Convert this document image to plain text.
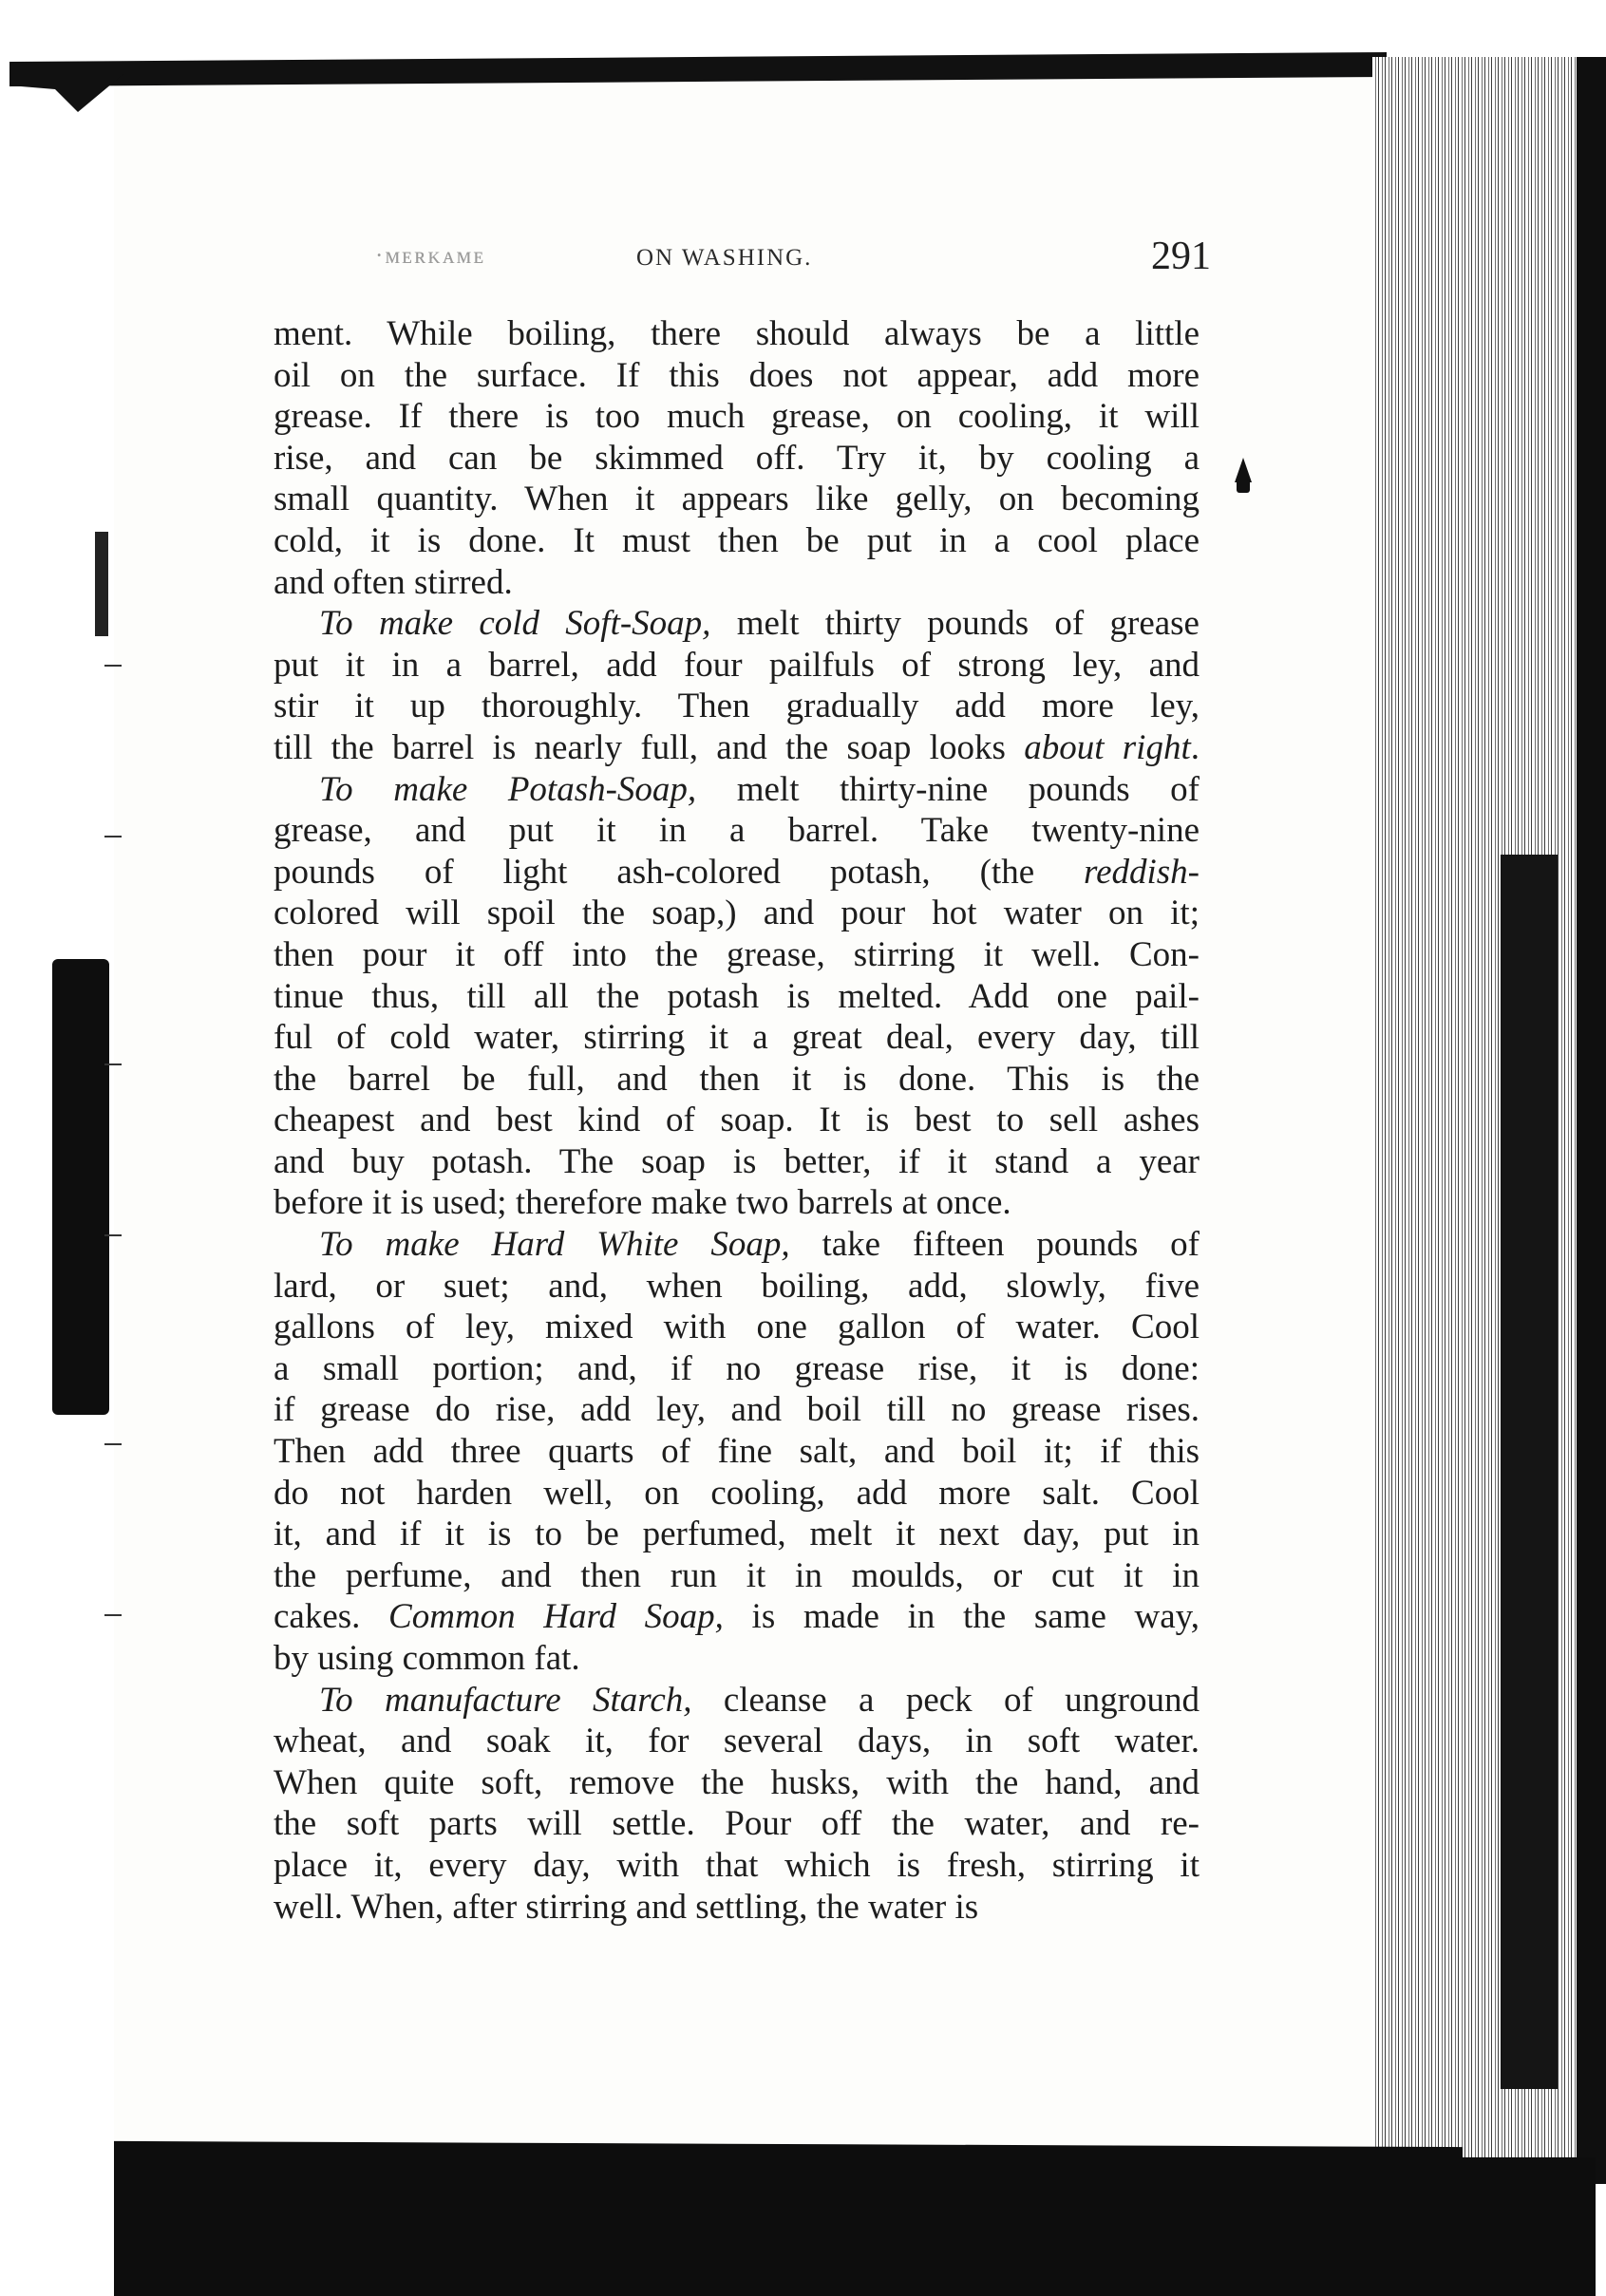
·ᴍᴇʀᴋᴀᴍᴇ	ON WASHING.	291
ment. While boiling, there should always be a little
oil on the surface. If this does not appear, add more
grease. If there is too much grease, on cooling, it will
rise, and can be skimmed off. Try it, by cooling a
small quantity. When it appears like gelly, on becoming
cold, it is done. It must then be put in a cool place
and often stirred.
To make cold Soft-Soap, melt thirty pounds of grease
put it in a barrel, add four pailfuls of strong ley, and
stir it up thoroughly. Then gradually add more ley,
till the barrel is nearly full, and the soap looks about right.
To make Potash-Soap, melt thirty-nine pounds of
grease, and put it in a barrel. Take twenty-nine
pounds of light ash-colored potash, (the reddish-
colored will spoil the soap,) and pour hot water on it;
then pour it off into the grease, stirring it well. Con-
tinue thus, till all the potash is melted. Add one pail-
ful of cold water, stirring it a great deal, every day, till
the barrel be full, and then it is done. This is the
cheapest and best kind of soap. It is best to sell ashes
and buy potash. The soap is better, if it stand a year
before it is used; therefore make two barrels at once.
To make Hard White Soap, take fifteen pounds of
lard, or suet; and, when boiling, add, slowly, five
gallons of ley, mixed with one gallon of water. Cool
a small portion; and, if no grease rise, it is done:
if grease do rise, add ley, and boil till no grease rises.
Then add three quarts of fine salt, and boil it; if this
do not harden well, on cooling, add more salt. Cool
it, and if it is to be perfumed, melt it next day, put in
the perfume, and then run it in moulds, or cut it in
cakes. Common Hard Soap, is made in the same way,
by using common fat.
To manufacture Starch, cleanse a peck of unground
wheat, and soak it, for several days, in soft water.
When quite soft, remove the husks, with the hand, and
the soft parts will settle. Pour off the water, and re-
place it, every day, with that which is fresh, stirring it
well. When, after stirring and settling, the water is
